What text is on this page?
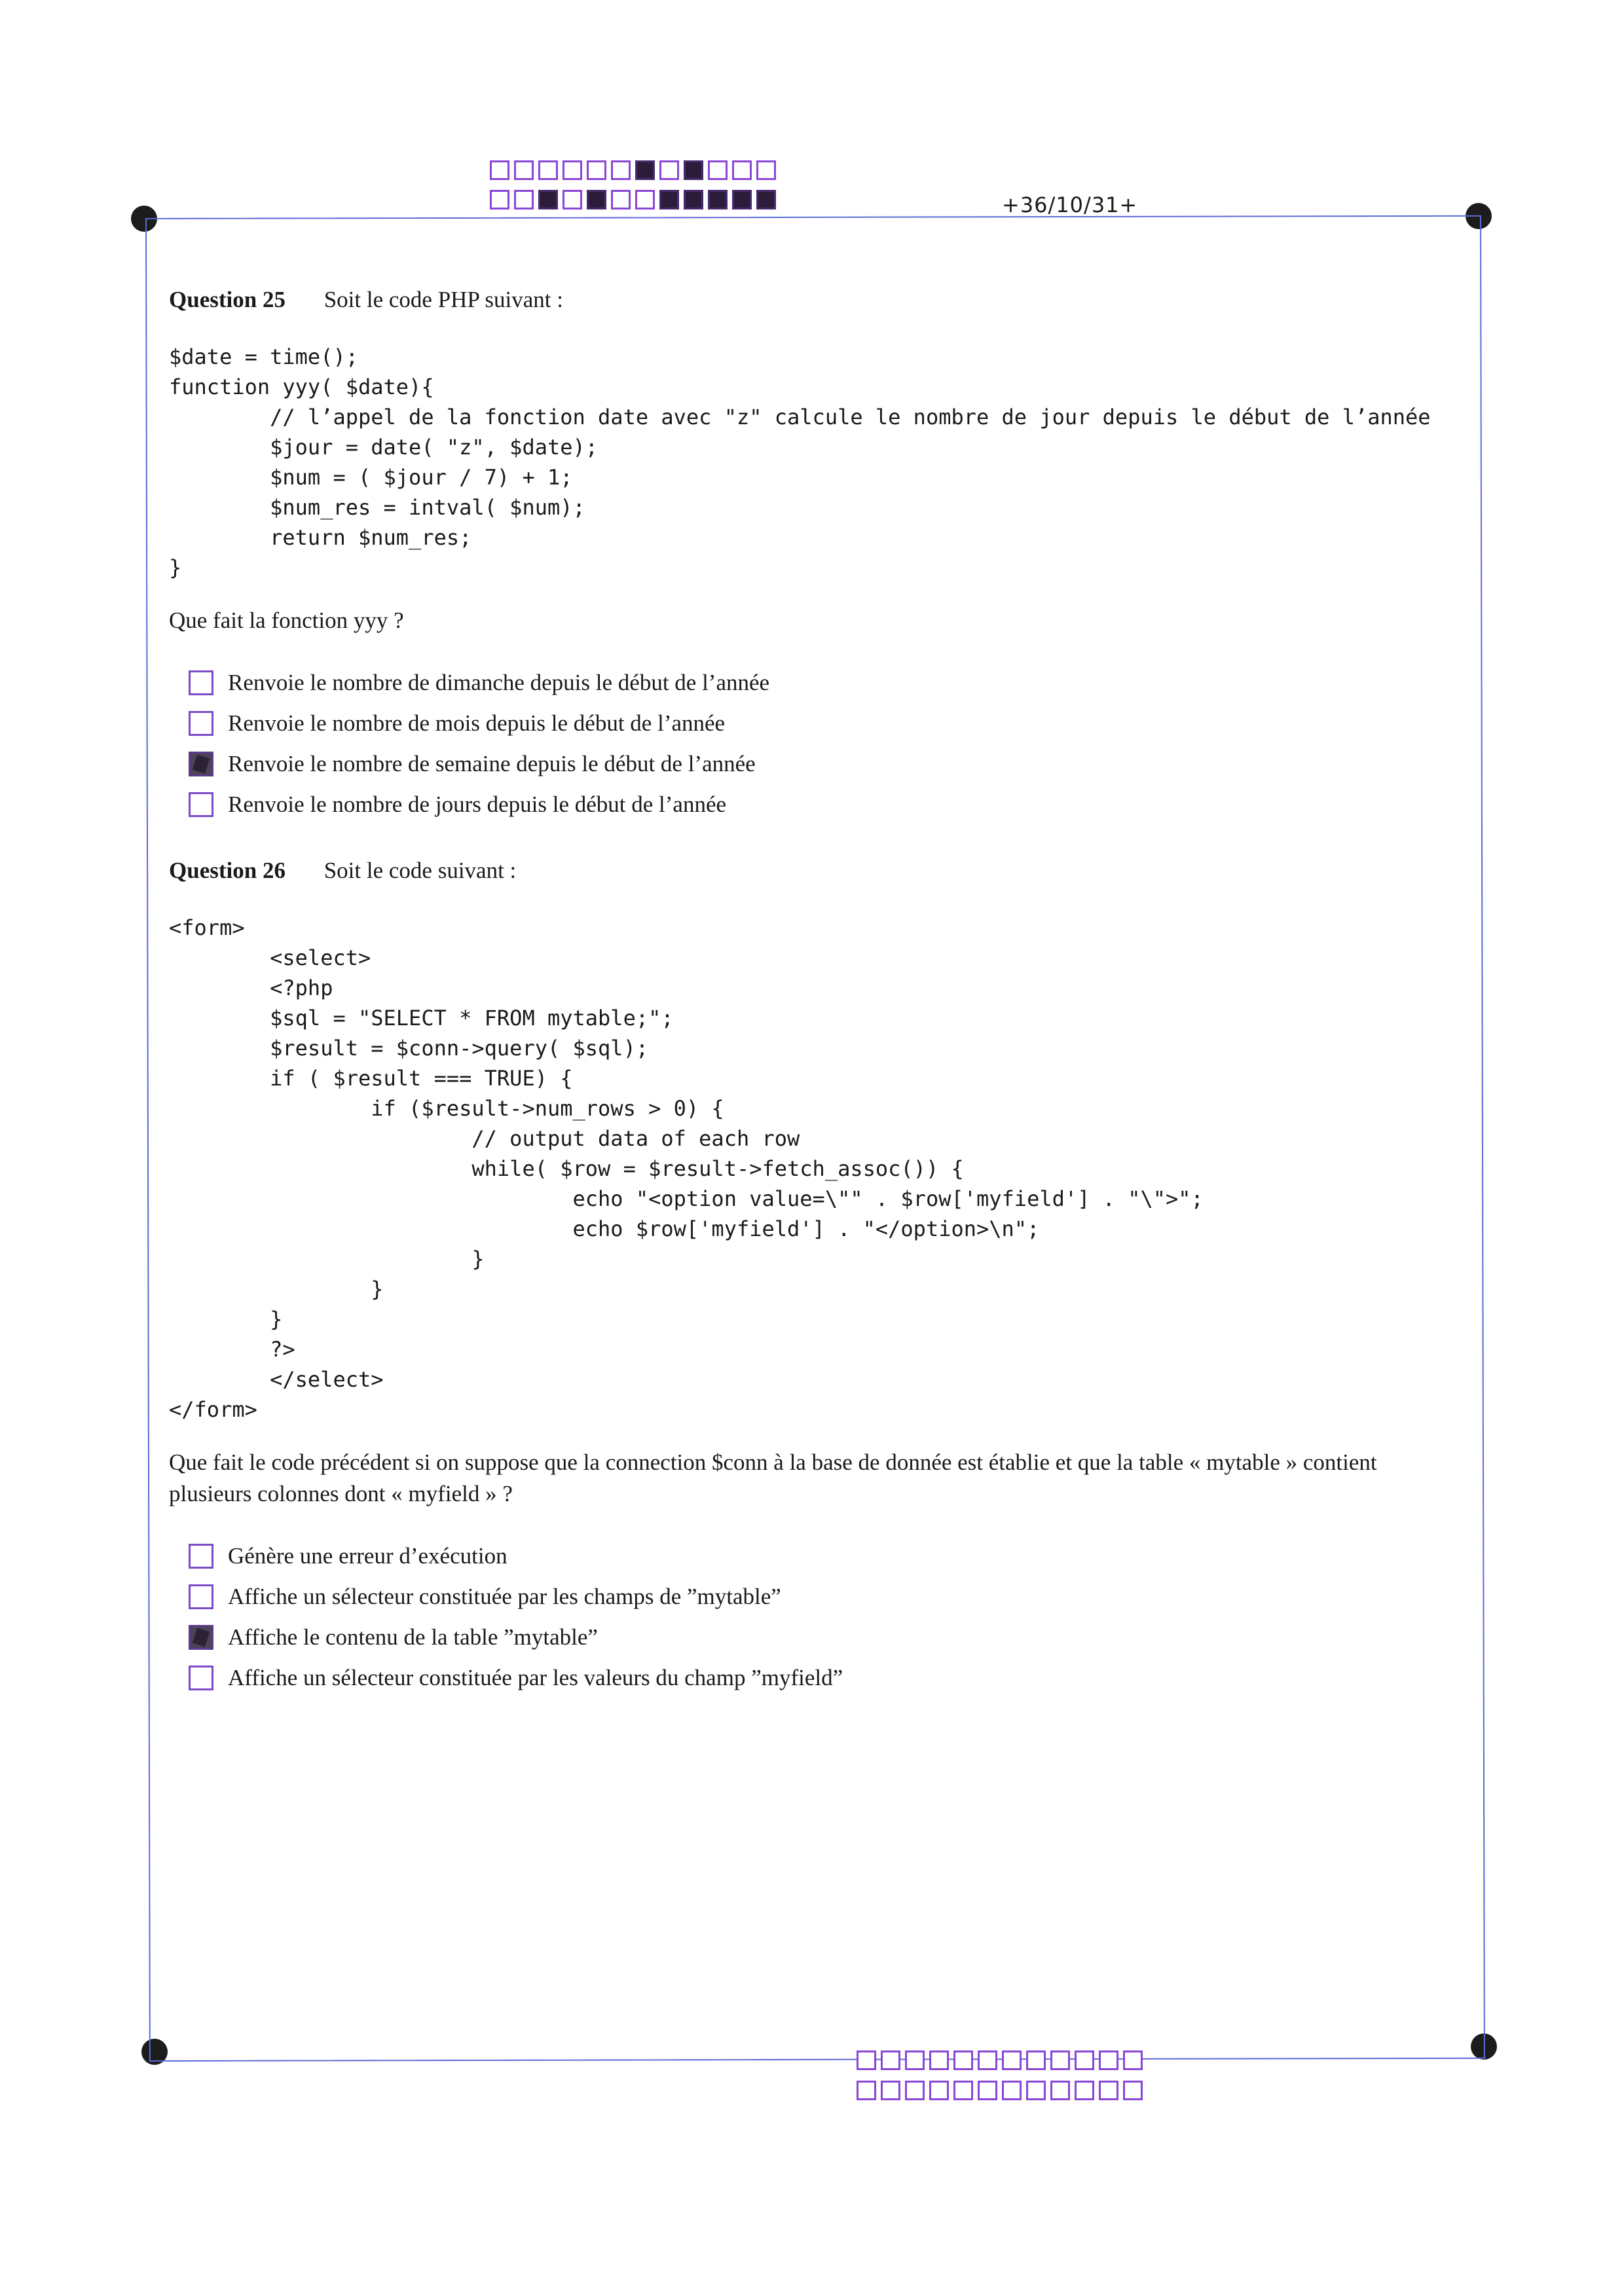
+36/10/31+
Question 25 Soit le code PHP suivant :
$date = time();
function yyy( $date){
// l’appel de la fonction date avec "z" calcule le nombre de jour depuis le début de l’année
$jour = date( "z", $date);
$num = ( $jour / 7) + 1;
$num_res = intval( $num);
return $num_res;
}
Que fait la fonction yyy ?
Renvoie le nombre de dimanche depuis le début de l’année
Renvoie le nombre de mois depuis le début de l’année
Renvoie le nombre de semaine depuis le début de l’année
Renvoie le nombre de jours depuis le début de l’année
Question 26 Soit le code suivant :
<form>
<select>
<?php
$sql = "SELECT * FROM mytable;";
$result = $conn->query( $sql);
if ( $result === TRUE) {
if ($result->num_rows > 0) {
// output data of each row
while( $row = $result->fetch_assoc()) {
echo "<option value=\"" . $row['myfield'] . "\">";
echo $row['myfield'] . "</option>\n";
}
}
}
?>
</select>
</form>
Que fait le code précédent si on suppose que la connection $conn à la base de donnée est établie et que la table « mytable » contient plusieurs colonnes dont « myfield » ?
Génère une erreur d’exécution
Affiche un sélecteur constituée par les champs de ”mytable”
Affiche le contenu de la table ”mytable”
Affiche un sélecteur constituée par les valeurs du champ ”myfield”
